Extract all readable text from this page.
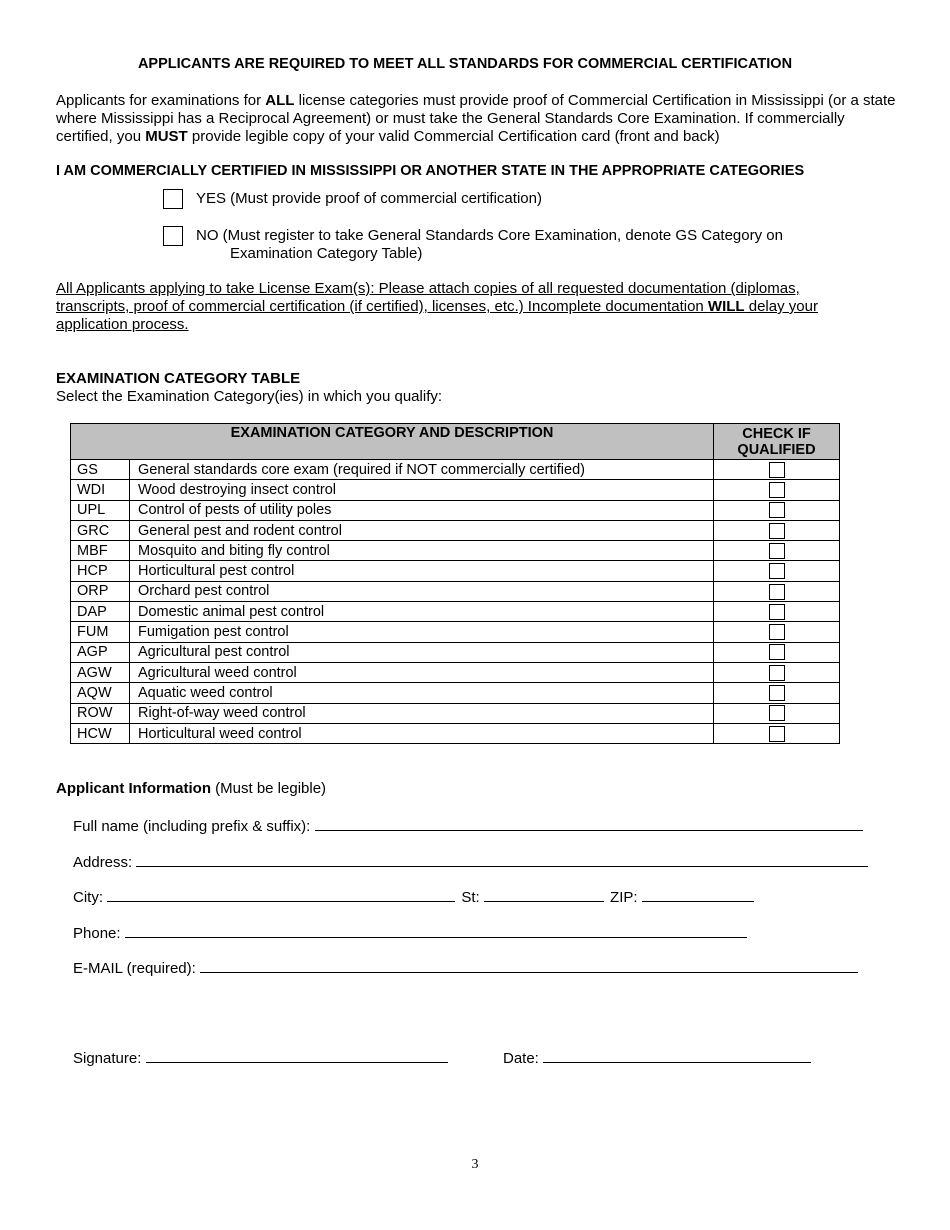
APPLICANTS ARE REQUIRED TO MEET ALL STANDARDS FOR COMMERCIAL CERTIFICATION
Applicants for examinations for ALL license categories must provide proof of Commercial Certification in Mississippi (or a state where Mississippi has a Reciprocal Agreement) or must take the General Standards Core Examination. If commercially certified, you MUST provide legible copy of your valid Commercial Certification card (front and back)
I AM COMMERCIALLY CERTIFIED IN MISSISSIPPI OR ANOTHER STATE IN THE APPROPRIATE CATEGORIES
YES (Must provide proof of commercial certification)
NO (Must register to take General Standards Core Examination, denote GS Category on
Examination Category Table)
All Applicants applying to take License Exam(s): Please attach copies of all requested documentation (diplomas, transcripts, proof of commercial certification (if certified), licenses, etc.) Incomplete documentation WILL delay your application process.
EXAMINATION CATEGORY TABLE
Select the Examination Category(ies) in which you qualify:
EXAMINATION CATEGORY AND DESCRIPTION		CHECK IF
QUALIFIED
GS	General standards core exam (required if NOT commercially certified)	
WDI	Wood destroying insect control	
UPL	Control of pests of utility poles	
GRC	General pest and rodent control	
MBF	Mosquito and biting fly control	
HCP	Horticultural pest control	
ORP	Orchard pest control	
DAP	Domestic animal pest control	
FUM	Fumigation pest control	
AGP	Agricultural pest control	
AGW	Agricultural weed control	
AQW	Aquatic weed control	
ROW	Right-of-way weed control	
HCW	Horticultural weed control	
Applicant Information (Must be legible)
Full name (including prefix & suffix):
Address:
City:	St:	ZIP:
Phone:
E-MAIL (required):
Signature:	Date:
3
